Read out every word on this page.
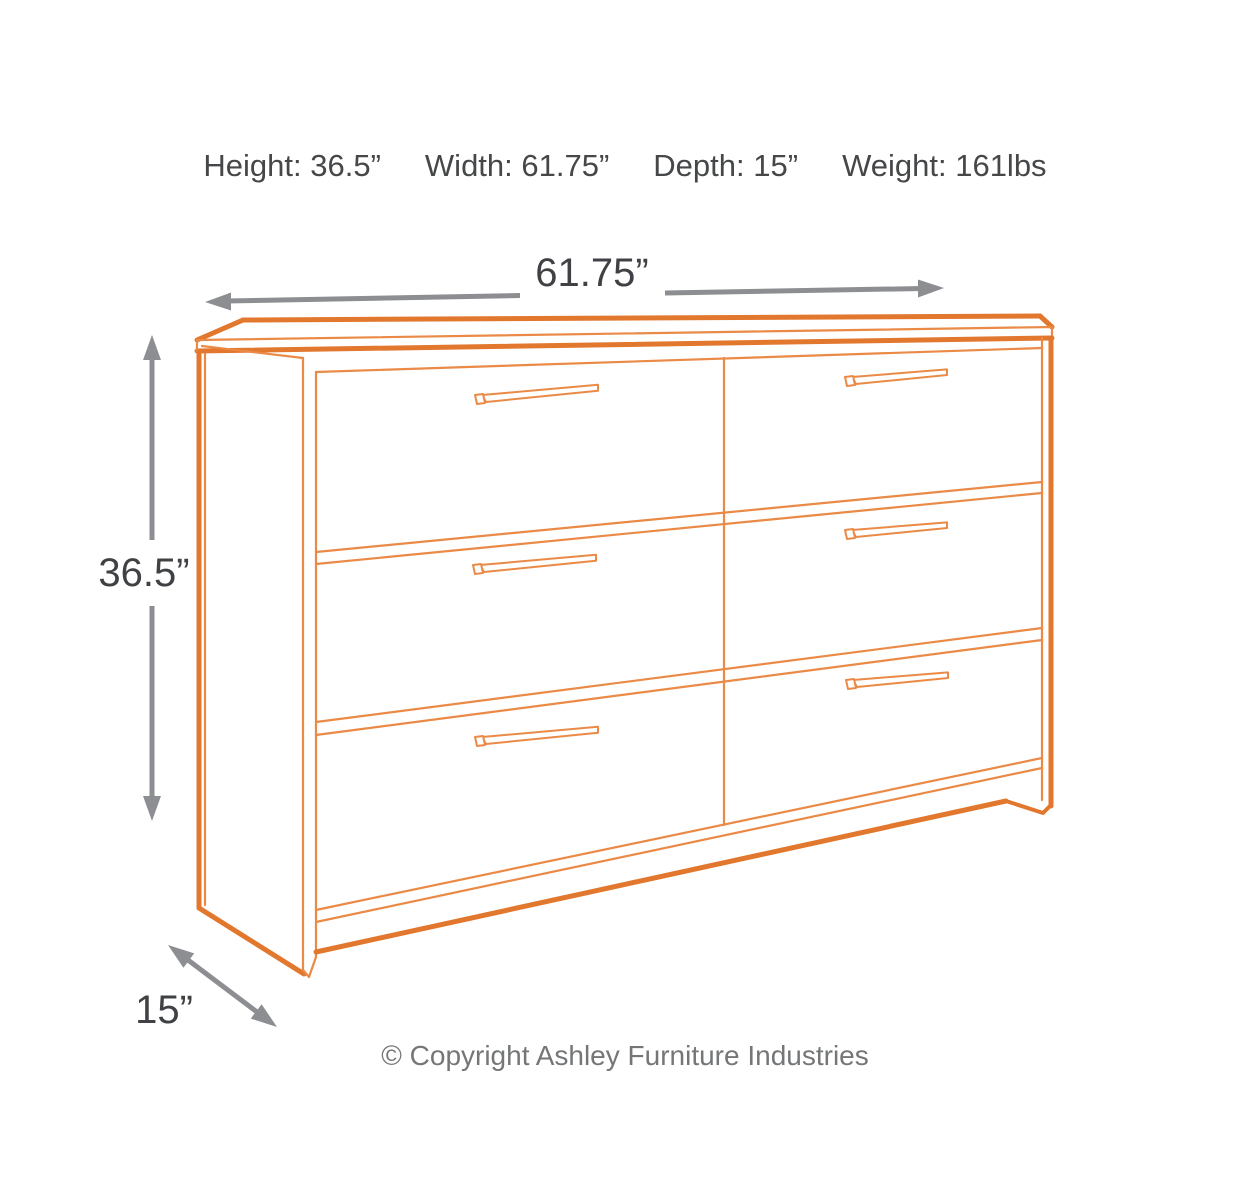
Height: 36.5” Width: 61.75” Depth: 15” Weight: 161lbs
61.75”
36.5”
15”
© Copyright Ashley Furniture Industries
